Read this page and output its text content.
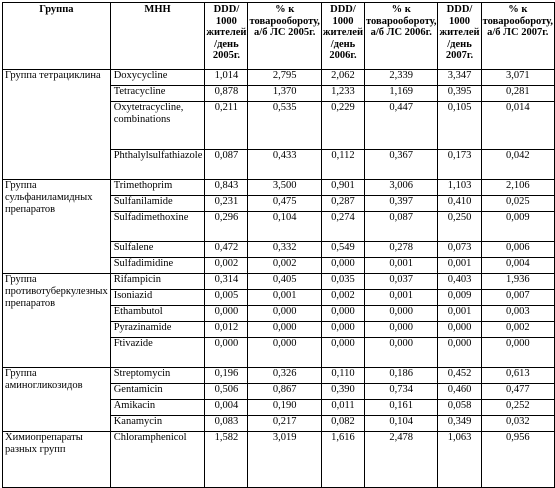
Группа	МНН	DDD/ 1000 жителей /день 2005г.	% к товарообороту, а/б ЛС 2005г.	DDD/ 1000 жителей /день 2006г.	% к товарообороту, а/б ЛС 2006г.	DDD/ 1000 жителей /день 2007г.	% к товарообороту, а/б ЛС 2007г.
Группа тетрациклина	Doxycycline	1,014	2,795	2,062	2,339	3,347	3,071
	Tetracycline	0,878	1,370	1,233	1,169	0,395	0,281
	Oxytetracycline, combinations	0,211	0,535	0,229	0,447	0,105	0,014
	Phthalylsulfathiazole	0,087	0,433	0,112	0,367	0,173	0,042
Группа сульфаниламидных препаратов	Trimethoprim	0,843	3,500	0,901	3,006	1,103	2,106
	Sulfanilamide	0,231	0,475	0,287	0,397	0,410	0,025
	Sulfadimethoxine	0,296	0,104	0,274	0,087	0,250	0,009
	Sulfalene	0,472	0,332	0,549	0,278	0,073	0,006
	Sulfadimidine	0,002	0,002	0,000	0,001	0,001	0,004
Группа противотуберкулезных препаратов	Rifampicin	0,314	0,405	0,035	0,037	0,403	1,936
	Isoniazid	0,005	0,001	0,002	0,001	0,009	0,007
	Ethambutol	0,000	0,000	0,000	0,000	0,001	0,003
	Pyrazinamide	0,012	0,000	0,000	0,000	0,000	0,002
	Ftivazide	0,000	0,000	0,000	0,000	0,000	0,000
Группа аминогликозидов	Streptomycin	0,196	0,326	0,110	0,186	0,452	0,613
	Gentamicin	0,506	0,867	0,390	0,734	0,460	0,477
	Amikacin	0,004	0,190	0,011	0,161	0,058	0,252
	Kanamycin	0,083	0,217	0,082	0,104	0,349	0,032
Химиопрепараты разных групп	Chloramphenicol	1,582	3,019	1,616	2,478	1,063	0,956
